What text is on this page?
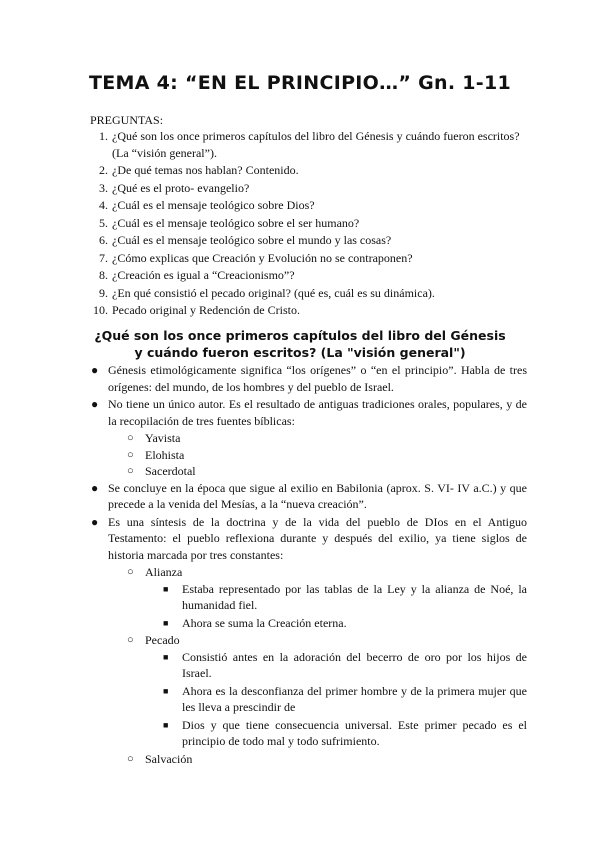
TEMA 4: “EN EL PRINCIPIO…” Gn. 1-11

PREGUNTAS:

1. ¿Qué son los once primeros capítulos del libro del Génesis y cuándo fueron escritos? (La “visión general”).
2. ¿De qué temas nos hablan? Contenido.
3. ¿Qué es el proto- evangelio?
4. ¿Cuál es el mensaje teológico sobre Dios?
5. ¿Cuál es el mensaje teológico sobre el ser humano?
6. ¿Cuál es el mensaje teológico sobre el mundo y las cosas?
7. ¿Cómo explicas que Creación y Evolución no se contraponen?
8. ¿Creación es igual a “Creacionismo”?
9. ¿En qué consistió el pecado original? (qué es, cuál es su dinámica).
10. Pecado original y Redención de Cristo.
¿Qué son los once primeros capítulos del libro del Génesis y cuándo fueron escritos? (La "visión general")
● Génesis etimológicamente significa “los orígenes” o “en el principio”. Habla de tres orígenes: del mundo, de los hombres y del pueblo de Israel.
● No tiene un único autor. Es el resultado de antiguas tradiciones orales, populares, y de la recopilación de tres fuentes bíblicas:
○ Yavista
○ Elohista
○ Sacerdotal
● Se concluye en la época que sigue al exilio en Babilonia (aprox. S. VI- IV a.C.) y que precede a la venida del Mesías, a la “nueva creación”.
● Es una síntesis de la doctrina y de la vida del pueblo de DIos en el Antiguo Testamento: el pueblo reflexiona durante y después del exilio, ya tiene siglos de historia marcada por tres constantes:
○ Alianza
■ Estaba representado por las tablas de la Ley y la alianza de Noé, la humanidad fiel.
■ Ahora se suma la Creación eterna.
○ Pecado
■ Consistió antes en la adoración del becerro de oro por los hijos de Israel.
■ Ahora es la desconfianza del primer hombre y de la primera mujer que les lleva a prescindir de
■ Dios y que tiene consecuencia universal. Este primer pecado es el principio de todo mal y todo sufrimiento.
○ Salvación
